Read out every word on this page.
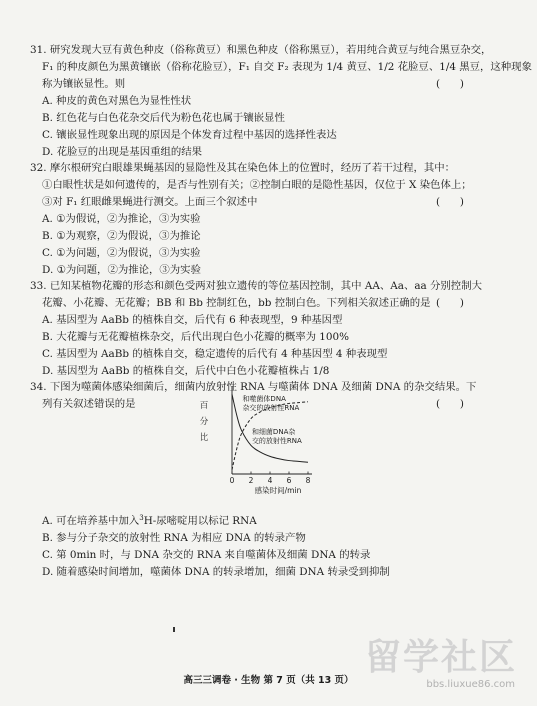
31. 研究发现大豆有黄色种皮（俗称黄豆）和黑色种皮（俗称黑豆），若用纯合黄豆与纯合黑豆杂交，
F₁ 的种皮颜色为黑黄镶嵌（俗称花脸豆），F₁ 自交 F₂ 表现为 1/4 黄豆、1/2 花脸豆、1/4 黑豆，这种现象
称为镶嵌显性。则	(      )
A. 种皮的黄色对黑色为显性性状
B. 红色花与白色花杂交后代为粉色花也属于镶嵌显性
C. 镶嵌显性现象出现的原因是个体发育过程中基因的选择性表达
D. 花脸豆的出现是基因重组的结果
32. 摩尔根研究白眼雄果蝇基因的显隐性及其在染色体上的位置时，经历了若干过程，其中：
①白眼性状是如何遗传的，是否与性别有关；②控制白眼的是隐性基因，仅位于 X 染色体上；
③对 F₁ 红眼雌果蝇进行测交。上面三个叙述中	(      )
A. ①为假说，②为推论，③为实验
B. ①为观察，②为假说，③为推论
C. ①为问题，②为假说，③为实验
D. ①为问题，②为推论，③为实验
33. 已知某植物花瓣的形态和颜色受两对独立遗传的等位基因控制，其中 AA、Aa、aa 分别控制大
花瓣、小花瓣、无花瓣；BB 和 Bb 控制红色，bb 控制白色。下列相关叙述正确的是 (      )
A. 基因型为 AaBb 的植株自交，后代有 6 种表现型，9 种基因型
B. 大花瓣与无花瓣植株杂交，后代出现白色小花瓣的概率为 100%
C. 基因型为 AaBb 的植株自交，稳定遗传的后代有 4 种基因型 4 种表现型
D. 基因型为 AaBb 的植株自交，后代中白色小花瓣植株占 1/8
34. 下图为噬菌体感染细菌后，细菌内放射性 RNA 与噬菌体 DNA 及细菌 DNA 的杂交结果。下
列有关叙述错误的是	(      )
0 2 4 6 8
百
分
比
感染时间/min
和噬菌体DNA
杂交的放射性RNA
和细菌DNA杂
交的放射性RNA
A. 可在培养基中加入$^3$H-尿嘧啶用以标记 RNA
B. 参与分子杂交的放射性 RNA 为相应 DNA 的转录产物
C. 第 0min 时，与 DNA 杂交的 RNA 来自噬菌体及细菌 DNA 的转录
D. 随着感染时间增加，噬菌体 DNA 的转录增加，细菌 DNA 转录受到抑制
高三三调卷 · 生物 第 7 页（共 13 页）
留学社区
bbs.liuxue86.com
